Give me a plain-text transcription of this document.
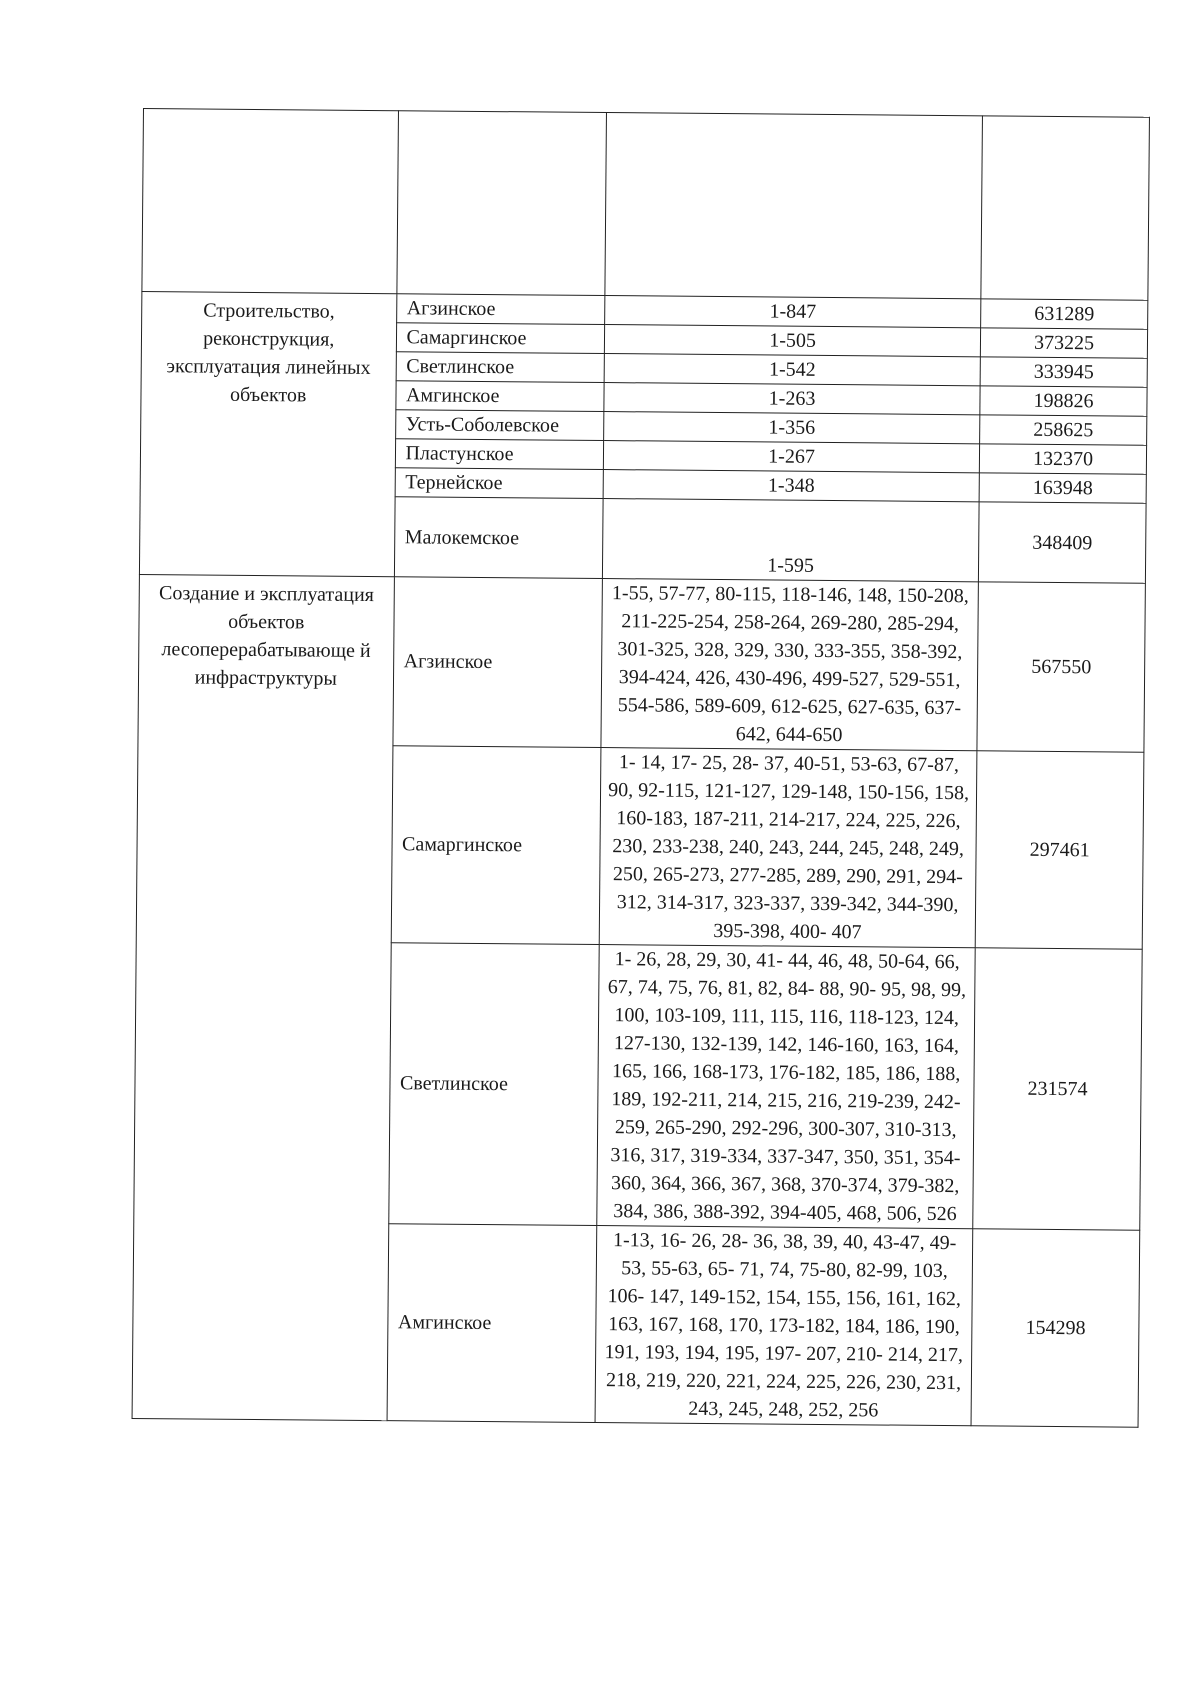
Строительство, реконструкция, эксплуатация линейных объектов	Агзинское	1-847	631289
	Самаргинское	1-505	373225
	Светлинское	1-542	333945
	Амгинское	1-263	198826
	Усть-Соболевское	1-356	258625
	Пластунское	1-267	132370
	Тернейское	1-348	163948
	Малокемское	1-595	348409
Создание и эксплуатация объектов лесоперерабатывающе й инфраструктуры	Агзинское	1-55, 57-77, 80-115, 118-146, 148, 150-208, 211-225-254, 258-264, 269-280, 285-294, 301-325, 328, 329, 330, 333-355, 358-392, 394-424, 426, 430-496, 499-527, 529-551, 554-586, 589-609, 612-625, 627-635, 637-642, 644-650	567550
	Самаргинское	1- 14, 17- 25, 28- 37, 40-51, 53-63, 67-87, 90, 92-115, 121-127, 129-148, 150-156, 158, 160-183, 187-211, 214-217, 224, 225, 226, 230, 233-238, 240, 243, 244, 245, 248, 249, 250, 265-273, 277-285, 289, 290, 291, 294-312, 314-317, 323-337, 339-342, 344-390, 395-398, 400- 407	297461
	Светлинское	1- 26, 28, 29, 30, 41- 44, 46, 48, 50-64, 66, 67, 74, 75, 76, 81, 82, 84- 88, 90- 95, 98, 99, 100, 103-109, 111, 115, 116, 118-123, 124, 127-130, 132-139, 142, 146-160, 163, 164, 165, 166, 168-173, 176-182, 185, 186, 188, 189, 192-211, 214, 215, 216, 219-239, 242- 259, 265-290, 292-296, 300-307, 310-313, 316, 317, 319-334, 337-347, 350, 351, 354-360, 364, 366, 367, 368, 370-374, 379-382, 384, 386, 388-392, 394-405, 468, 506, 526	231574
	Амгинское	1-13, 16- 26, 28- 36, 38, 39, 40, 43-47, 49-53, 55-63, 65- 71, 74, 75-80, 82-99, 103, 106- 147, 149-152, 154, 155, 156, 161, 162, 163, 167, 168, 170, 173-182, 184, 186, 190, 191, 193, 194, 195, 197- 207, 210- 214, 217, 218, 219, 220, 221, 224, 225, 226, 230, 231, 243, 245, 248, 252, 256	154298
